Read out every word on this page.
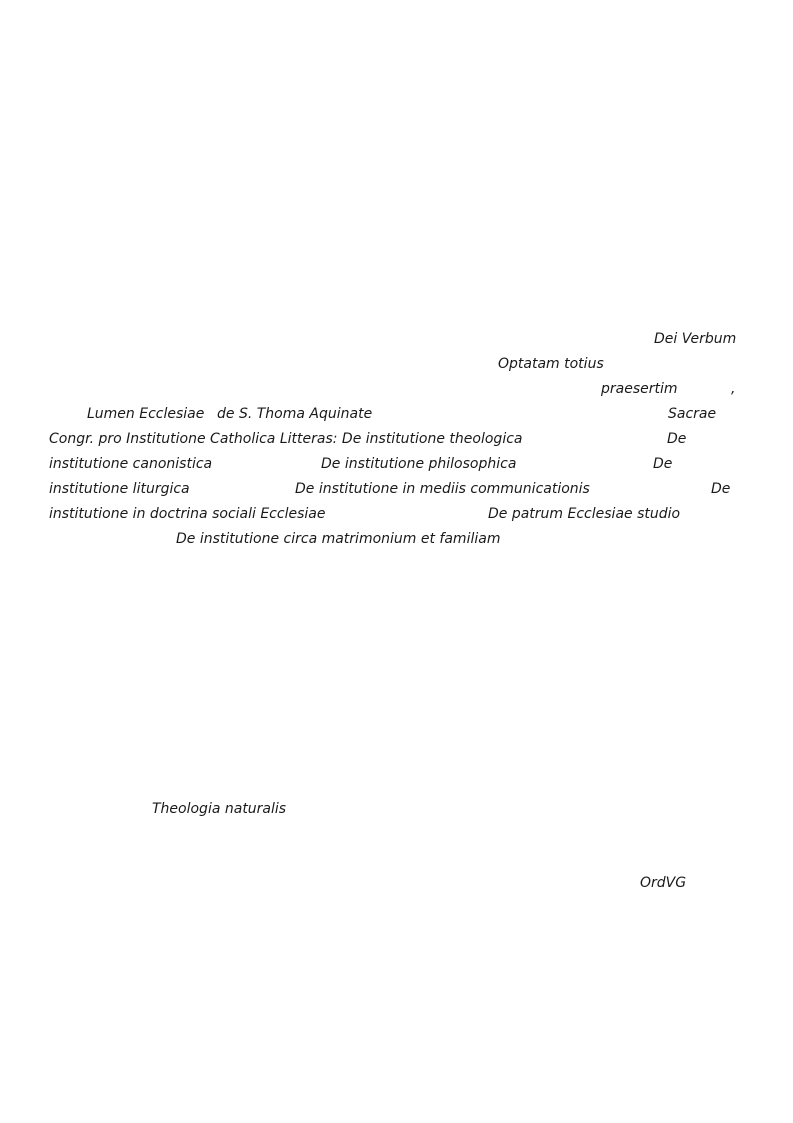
Dei Verbum
Optatam totius
praesertim	,
Lumen Ecclesiae de S. Thoma Aquinate	Sacrae
Congr. pro Institutione Catholica Litteras: De institutione theologica	De
institutione canonistica	De institutione philosophica	De
institutione liturgica	De institutione in mediis communicationis	De
institutione in doctrina sociali Ecclesiae	De patrum Ecclesiae studio
De institutione circa matrimonium et familiam
Theologia naturalis
OrdVG
